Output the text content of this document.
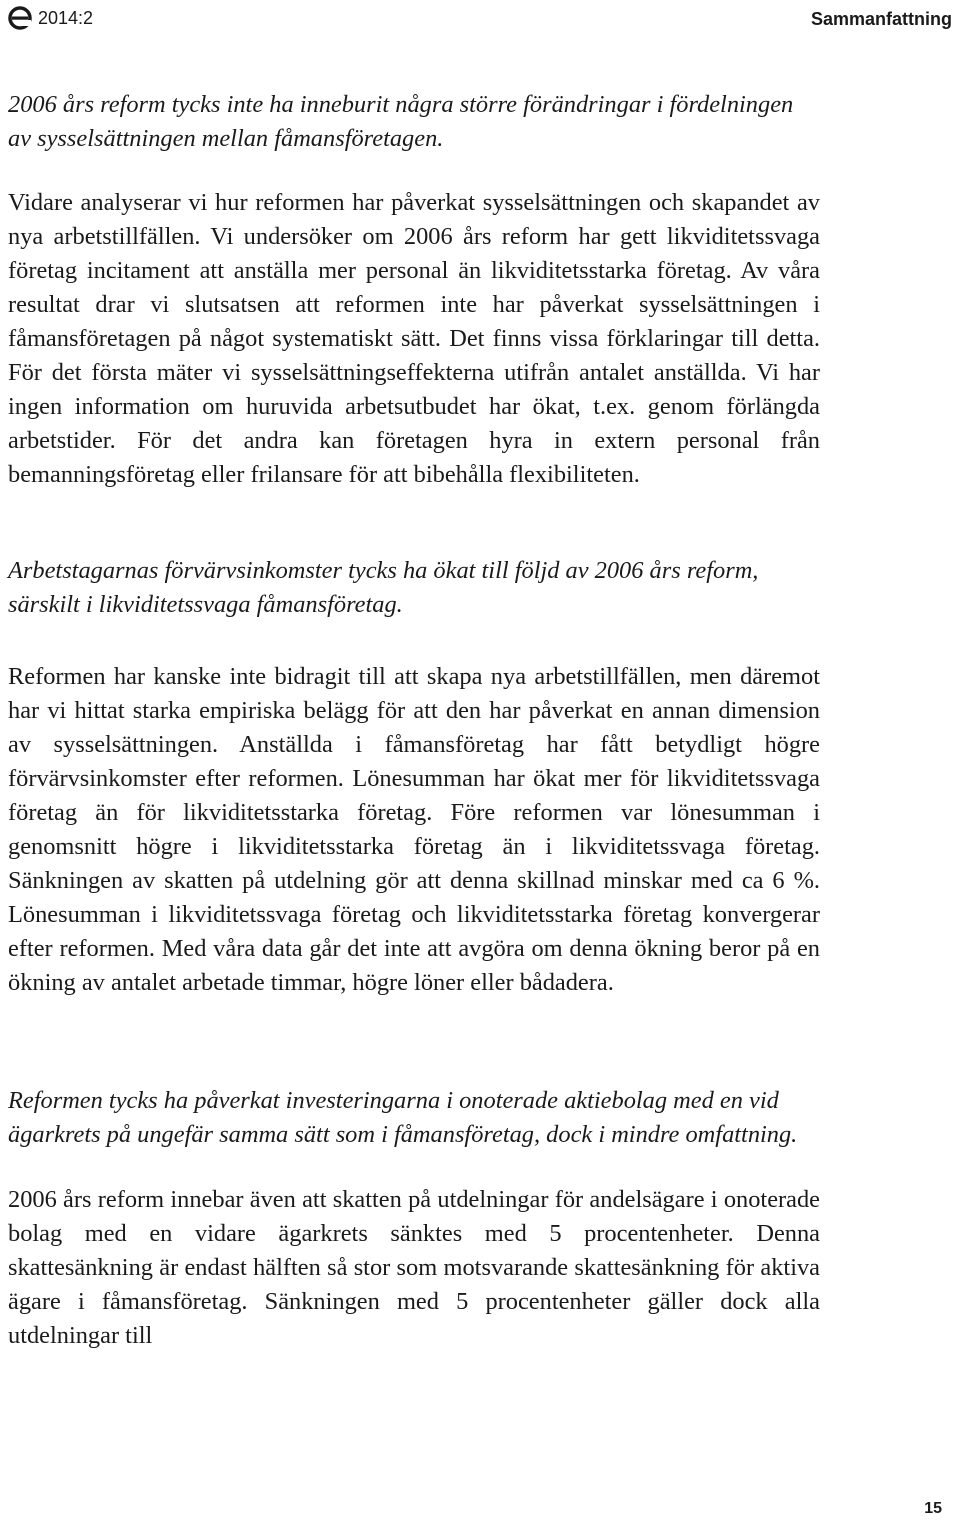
2014:2	Sammanfattning

2006 års reform tycks inte ha inneburit några större förändringar i fördelningen av sysselsättningen mellan fåmansföretagen.

Vidare analyserar vi hur reformen har påverkat sysselsättningen och skapandet av nya arbetstillfällen. Vi undersöker om 2006 års reform har gett likviditetssvaga företag incitament att anställa mer personal än likviditetsstarka företag. Av våra resultat drar vi slutsatsen att reformen inte har påverkat sysselsättningen i fåmansföretagen på något systematiskt sätt. Det finns vissa förklaringar till detta. För det första mäter vi sysselsättningseffekterna utifrån antalet anställda. Vi har ingen information om huruvida arbetsutbudet har ökat, t.ex. genom förlängda arbetstider. För det andra kan företagen hyra in extern personal från bemanningsföretag eller frilansare för att bibehålla flexibiliteten.

Arbetstagarnas förvärvsinkomster tycks ha ökat till följd av 2006 års reform, särskilt i likviditetssvaga fåmansföretag.

Reformen har kanske inte bidragit till att skapa nya arbetstillfällen, men däremot har vi hittat starka empiriska belägg för att den har påverkat en annan dimension av sysselsättningen. Anställda i fåmansföretag har fått betydligt högre förvärvsinkomster efter reformen. Lönesumman har ökat mer för likviditetssvaga företag än för likviditetsstarka företag. Före reformen var lönesumman i genomsnitt högre i likviditetsstarka företag än i likviditetssvaga företag. Sänkningen av skatten på utdelning gör att denna skillnad minskar med ca 6 %. Lönesumman i likviditetssvaga företag och likviditetsstarka företag konvergerar efter reformen. Med våra data går det inte att avgöra om denna ökning beror på en ökning av antalet arbetade timmar, högre löner eller bådadera.

Reformen tycks ha påverkat investeringarna i onoterade aktiebolag med en vid ägarkrets på ungefär samma sätt som i fåmansföretag, dock i mindre omfattning.

2006 års reform innebar även att skatten på utdelningar för andelsägare i onoterade bolag med en vidare ägarkrets sänktes med 5 procentenheter. Denna skattesänkning är endast hälften så stor som motsvarande skattesänkning för aktiva ägare i fåmansföretag. Sänkningen med 5 procentenheter gäller dock alla utdelningar till

15
